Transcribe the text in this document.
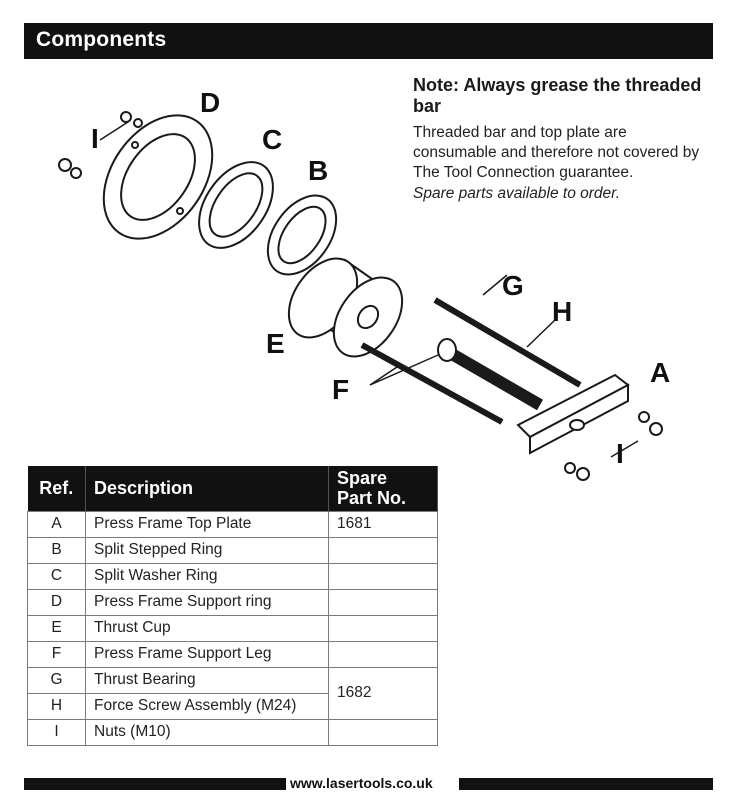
Components
Note: Always grease the threaded bar
Threaded bar and top plate are consumable and therefore not covered by The Tool Connection guarantee.
Spare parts available to order.
D
I	C
B
E
G
H
F
A
I
Ref.	Description	Spare
Part No.
A	Press Frame Top Plate	1681
B	Split Stepped Ring	
C	Split Washer Ring	
D	Press Frame Support ring	
E	Thrust Cup	
F	Press Frame Support Leg	
G	Thrust Bearing	1682
H	Force Screw Assembly (M24)	
I	Nuts (M10)	
www.lasertools.co.uk
